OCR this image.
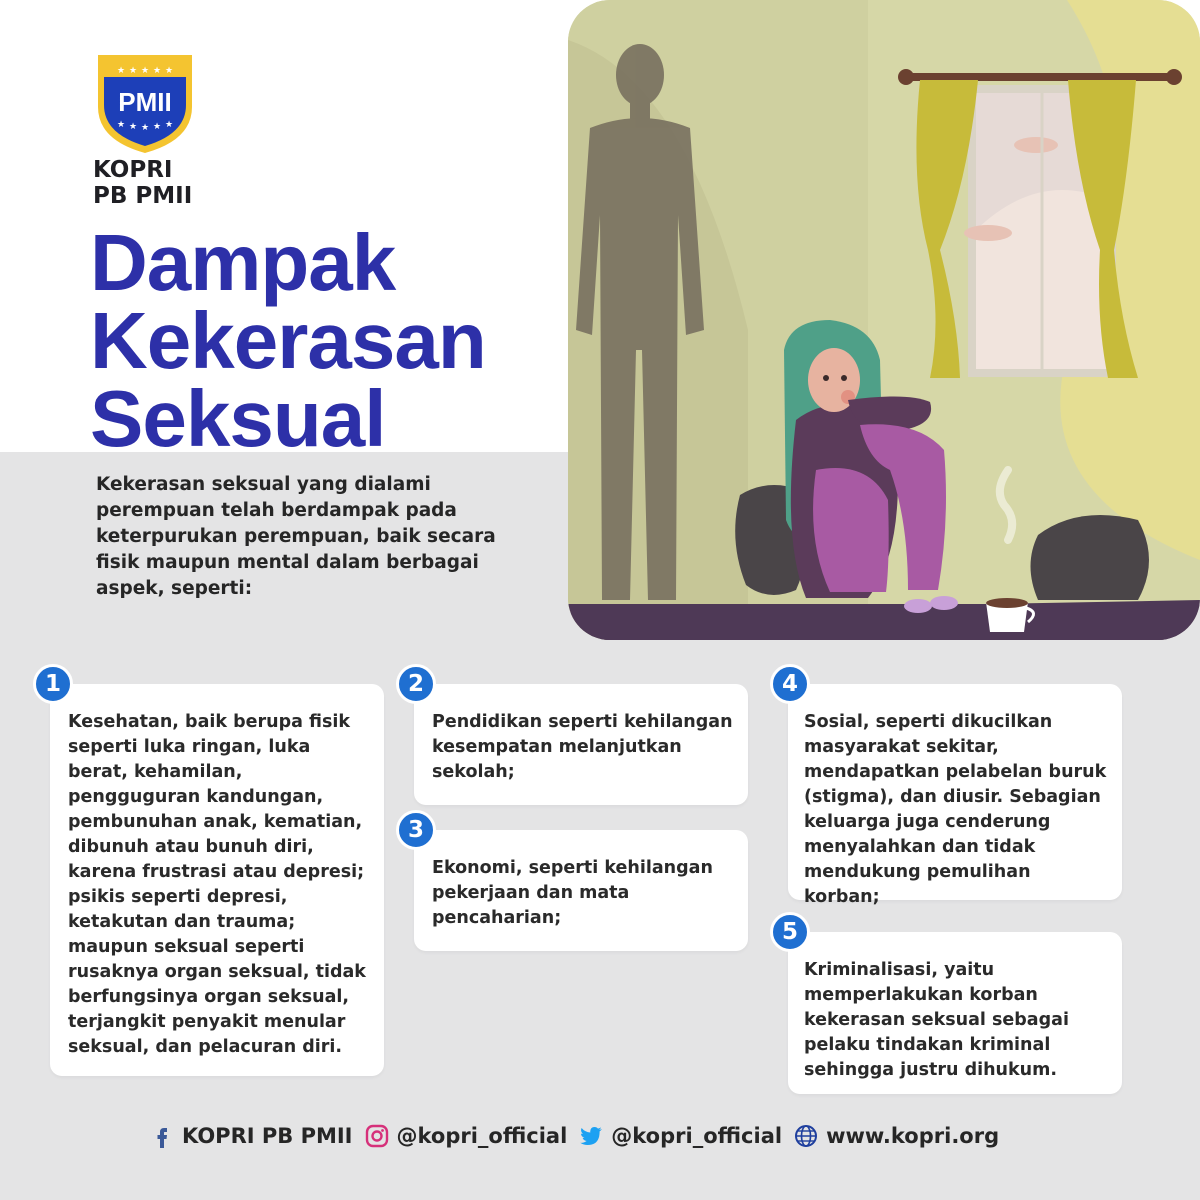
★ ★ ★ ★ ★
★ ★ ★ ★ ★
PMII
KOPRI
PB PMII
Dampak
Kekerasan
Seksual
Kekerasan seksual yang dialami perempuan telah berdampak pada keterpurukan perempuan, baik secara fisik maupun mental dalam berbagai aspek, seperti:
1
Kesehatan, baik berupa fisik seperti luka ringan, luka berat, kehamilan, pengguguran kandungan, pembunuhan anak, kematian, dibunuh atau bunuh diri, karena frustrasi atau depresi; psikis seperti depresi, ketakutan dan trauma; maupun seksual seperti rusaknya organ seksual, tidak berfungsinya organ seksual, terjangkit penyakit menular seksual, dan pelacuran diri.
2
Pendidikan seperti kehilangan kesempatan melanjutkan sekolah;
3
Ekonomi, seperti kehilangan pekerjaan dan mata pencaharian;
4
Sosial, seperti dikucilkan masyarakat sekitar, mendapatkan pelabelan buruk (stigma), dan diusir. Sebagian keluarga juga cenderung menyalahkan dan tidak mendukung pemulihan korban;
5
Kriminalisasi, yaitu memperlakukan korban kekerasan seksual sebagai pelaku tindakan kriminal sehingga justru dihukum.
KOPRI PB PMII @kopri_official @kopri_official www.kopri.org
